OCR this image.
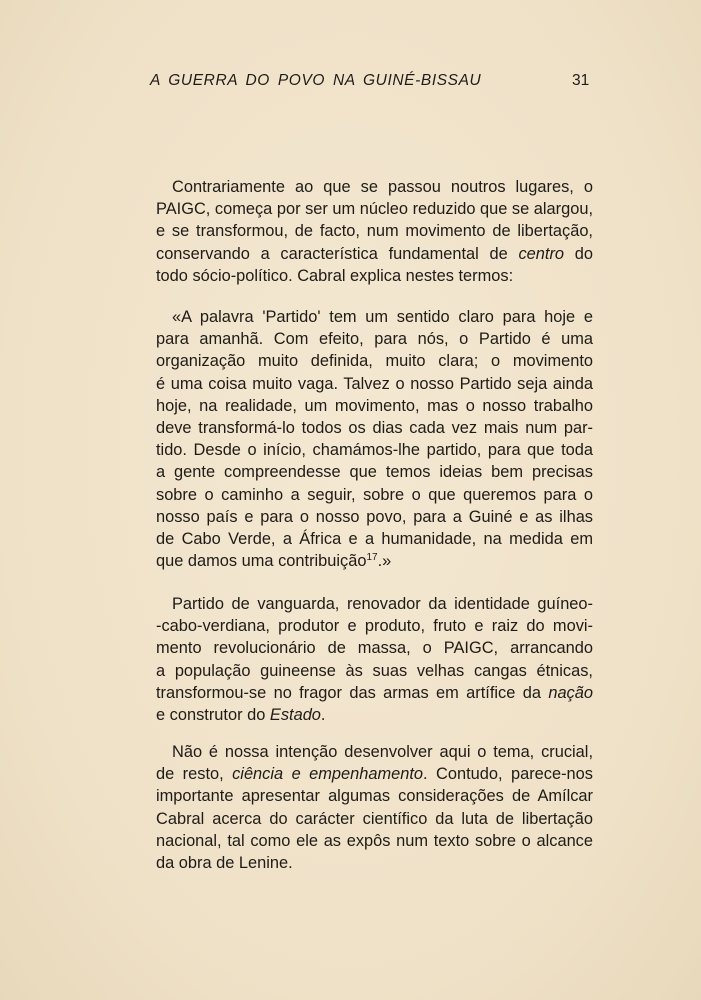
A GUERRA DO POVO NA GUINÉ-BISSAU	31
Contrariamente ao que se passou noutros lugares, o
PAIGC, começa por ser um núcleo reduzido que se alargou,
e se transformou, de facto, num movimento de libertação,
conservando a característica fundamental de centro do
todo sócio-político. Cabral explica nestes termos:
«A palavra 'Partido' tem um sentido claro para hoje e
para amanhã. Com efeito, para nós, o Partido é uma
organização muito definida, muito clara; o movimento
é uma coisa muito vaga. Talvez o nosso Partido seja ainda
hoje, na realidade, um movimento, mas o nosso trabalho
deve transformá-lo todos os dias cada vez mais num par-
tido. Desde o início, chamámos-lhe partido, para que toda
a gente compreendesse que temos ideias bem precisas
sobre o caminho a seguir, sobre o que queremos para o
nosso país e para o nosso povo, para a Guiné e as ilhas
de Cabo Verde, a África e a humanidade, na medida em
que damos uma contribuição$^{17}$.»
Partido de vanguarda, renovador da identidade guíneo-
-cabo-verdiana, produtor e produto, fruto e raiz do movi-
mento revolucionário de massa, o PAIGC, arrancando
a população guineense às suas velhas cangas étnicas,
transformou-se no fragor das armas em artífice da nação
e construtor do Estado.
Não é nossa intenção desenvolver aqui o tema, crucial,
de resto, ciência e empenhamento. Contudo, parece-nos
importante apresentar algumas considerações de Amílcar
Cabral acerca do carácter científico da luta de libertação
nacional, tal como ele as expôs num texto sobre o alcance
da obra de Lenine.
